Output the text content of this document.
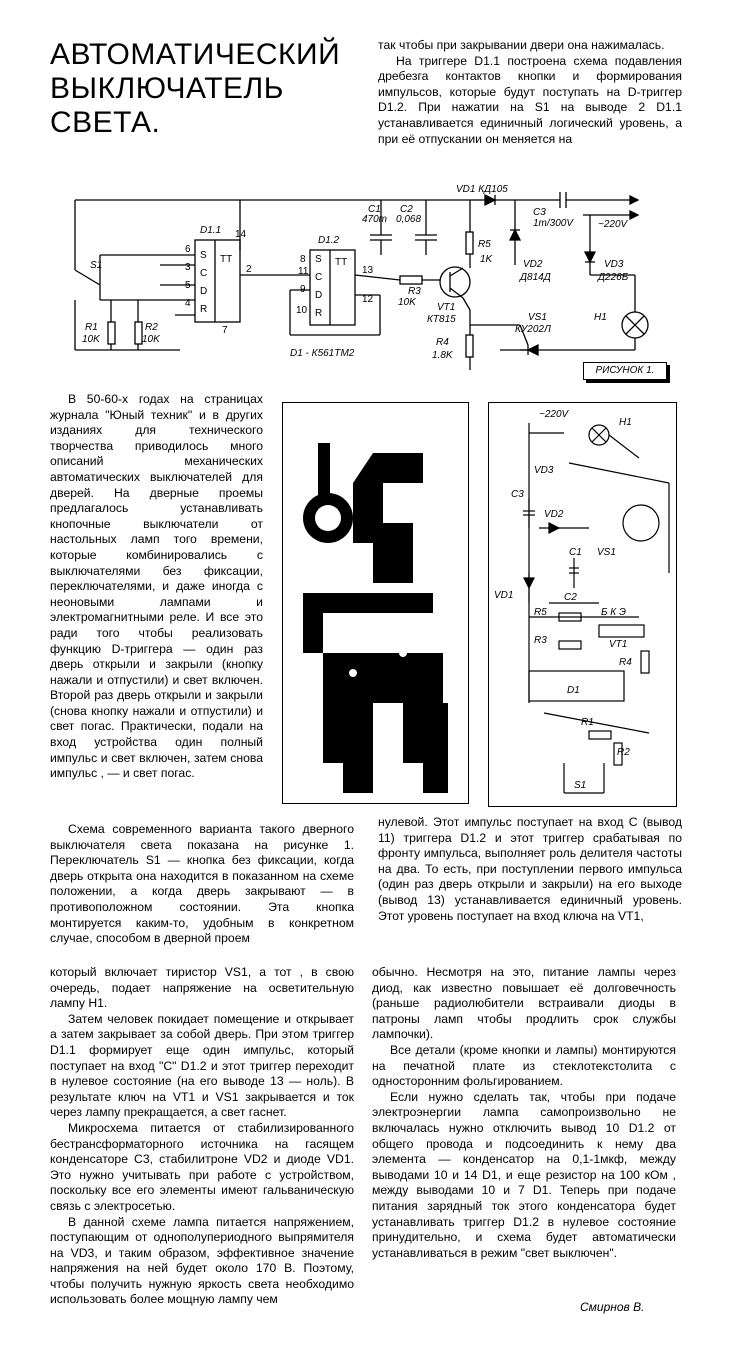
АВТОМАТИЧЕСКИЙ
ВЫКЛЮЧАТЕЛЬ
СВЕТА.

так чтобы при закрывании двери она нажималась.

На триггере D1.1 построена схема подавления дребезга контактов кнопки и формирования импульсов, которые будут поступать на D-триггер D1.2. При нажатии на S1 на выводе 2 D1.1 устанавливается единичный логический уровень, а при её отпускании он меняется на

D1.1
D1.2
TT	TT
S
C
D
R
S
C
D
R
6
3
5
4
14
2
7
8
11
9
10
13
12
C1
470m
C2
0,068
VD1 КД105
C3
1m/300V ~220V
R5
1K	VD2
Д814Д
VD3
Д226Б
H1
S1
R1
10K
R2
10K
R3
10K VT1
КТ815	VS1
КУ202Л
R4
1.8K
D1 - К561ТМ2
РИСУНОК 1.

В 50-60-х годах на страницах журнала "Юный техник" и в других изданиях для технического творчества приводилось много описаний механических автоматических выключателей для дверей. На дверные проемы предлагалось устанавливать кнопочные выключатели от настольных ламп того времени, которые комбинировались с выключателями без фиксации, переключателями, и даже иногда с неоновыми лампами и электромагнитными реле. И все это ради того чтобы реализовать функцию D-триггера — один раз дверь открыли и закрыли (кнопку нажали и отпустили) и свет включен. Второй раз дверь открыли и закрыли (снова кнопку нажали и отпустили) и свет погас. Практически, подали на вход устройства один полный импульс и свет включен, затем снова импульс , — и свет погас.

Схема современного варианта такого дверного выключателя света показана на рисунке 1. Переключатель S1 — кнопка без фиксации, когда дверь открыта она находится в показанном на схеме положении, а когда дверь закрывают — в противоположном состоянии. Эта кнопка монтируется каким-то, удобным в конкретном случае, способом в дверной проем

~220V
H1
VD3
C3
VD2
C1 VS1
VD1	C2
R5	Б К Э
R3	VT1
R4
D1
R1
R2
S1

нулевой. Этот импульс поступает на вход С (вывод 11) триггера D1.2 и этот триггер срабатывая по фронту импульса, выполняет роль делителя частоты на два. То есть, при поступлении первого импульса (один раз дверь открыли и закрыли) на его выходе (вывод 13) устанавливается единичный уровень. Этот уровень поступает на вход ключа на VT1,

который включает тиристор VS1, а тот , в свою очередь, подает напряжение на осветительную лампу H1.

Затем человек покидает помещение и открывает а затем закрывает за собой дверь. При этом триггер D1.1 формирует еще один импульс, который поступает на вход "С" D1.2 и этот триггер переходит в нулевое состояние (на его выводе 13 — ноль). В результате ключ на VT1 и VS1 закрывается и ток через лампу прекращается, а свет гаснет.

Микросхема питается от стабилизированного бестрансформаторного источника на гасящем конденсаторе С3, стабилитроне VD2 и диоде VD1. Это нужно учитывать при работе с устройством, поскольку все его элементы имеют гальваническую связь с электросетью.

В данной схеме лампа питается напряжением, поступающим от однополупериодного выпрямителя на VD3, и таким образом, эффективное значение напряжения на ней будет около 170 В. Поэтому, чтобы получить нужную яркость света необходимо использовать более мощную лампу чем

обычно. Несмотря на это, питание лампы через диод, как известно повышает её долговечность (раньше радиолюбители встраивали диоды в патроны ламп чтобы продлить срок службы лампочки).

Все детали (кроме кнопки и лампы) монтируются на печатной плате из стеклотекстолита с односторонним фольгированием.

Если нужно сделать так, чтобы при подаче электроэнергии лампа самопроизвольно не включалась нужно отключить вывод 10 D1.2 от общего провода и подсоединить к нему два элемента — конденсатор на 0,1-1мкф, между выводами 10 и 14 D1, и еще резистор на 100 кОм , между выводами 10 и 7 D1. Теперь при подаче питания зарядный ток этого конденсатора будет устанавливать триггер D1.2 в нулевое состояние принудительно, и схема будет автоматически устанавливаться в режим "свет выключен".

Смирнов В.
